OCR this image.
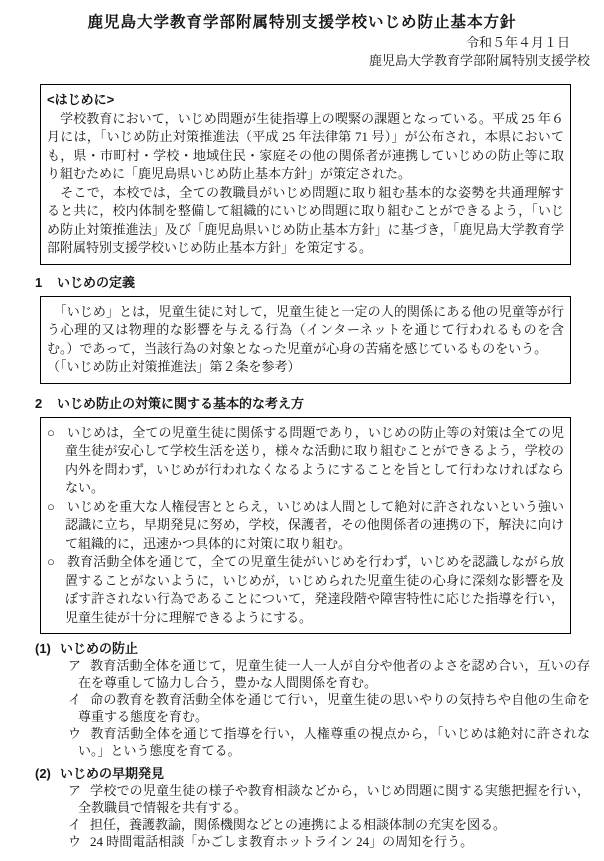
鹿児島大学教育学部附属特別支援学校いじめ防止基本方針
令和５年４月１日
鹿児島大学教育学部附属特別支援学校
<はじめに>

　学校教育において，いじめ問題が生徒指導上の喫緊の課題となっている。平成 25 年６月には，「いじめ防止対策推進法（平成 25 年法律第 71 号）」が公布され，本県においても，県・市町村・学校・地域住民・家庭その他の関係者が連携していじめの防止等に取り組むために「鹿児島県いじめ防止基本方針」が策定された。

　そこで，本校では，全ての教職員がいじめ問題に取り組む基本的な姿勢を共通理解すると共に，校内体制を整備して組織的にいじめ問題に取り組むことができるよう，「いじめ防止対策推進法」及び「鹿児島県いじめ防止基本方針」に基づき，「鹿児島大学教育学部附属特別支援学校いじめ防止基本方針」を策定する。

1 いじめの定義

　「いじめ」とは，児童生徒に対して，児童生徒と一定の人的関係にある他の児童等が行う心理的又は物理的な影響を与える行為（インターネットを通じて行われるものを含む。）であって，当該行為の対象となった児童が心身の苦痛を感じているものをいう。

（「いじめ防止対策推進法」第２条を参考）

2 いじめ防止の対策に関する基本的な考え方

○ いじめは，全ての児童生徒に関係する問題であり，いじめの防止等の対策は全ての児童生徒が安心して学校生活を送り，様々な活動に取り組むことができるよう，学校の内外を問わず，いじめが行われなくなるようにすることを旨として行わなければならない。

○ いじめを重大な人権侵害ととらえ，いじめは人間として絶対に許されないという強い認識に立ち，早期発見に努め，学校，保護者，その他関係者の連携の下，解決に向けて組織的に，迅速かつ具体的に対策に取り組む。

○ 教育活動全体を通じて，全ての児童生徒がいじめを行わず，いじめを認識しながら放置することがないように，いじめが，いじめられた児童生徒の心身に深刻な影響を及ぼす許されない行為であることについて，発達段階や障害特性に応じた指導を行い，児童生徒が十分に理解できるようにする。

(1) いじめの防止

ア 教育活動全体を通じて，児童生徒一人一人が自分や他者のよさを認め合い，互いの存在を尊重して協力し合う，豊かな人間関係を育む。

イ 命の教育を教育活動全体を通じて行い，児童生徒の思いやりの気持ちや自他の生命を尊重する態度を育む。

ウ 教育活動全体を通じて指導を行い，人権尊重の視点から，「いじめは絶対に許されない。」という態度を育てる。

(2) いじめの早期発見

ア 学校での児童生徒の様子や教育相談などから，いじめ問題に関する実態把握を行い，全教職員で情報を共有する。

イ 担任，養護教諭，関係機関などとの連携による相談体制の充実を図る。

ウ 24 時間電話相談「かごしま教育ホットライン 24」の周知を行う。
